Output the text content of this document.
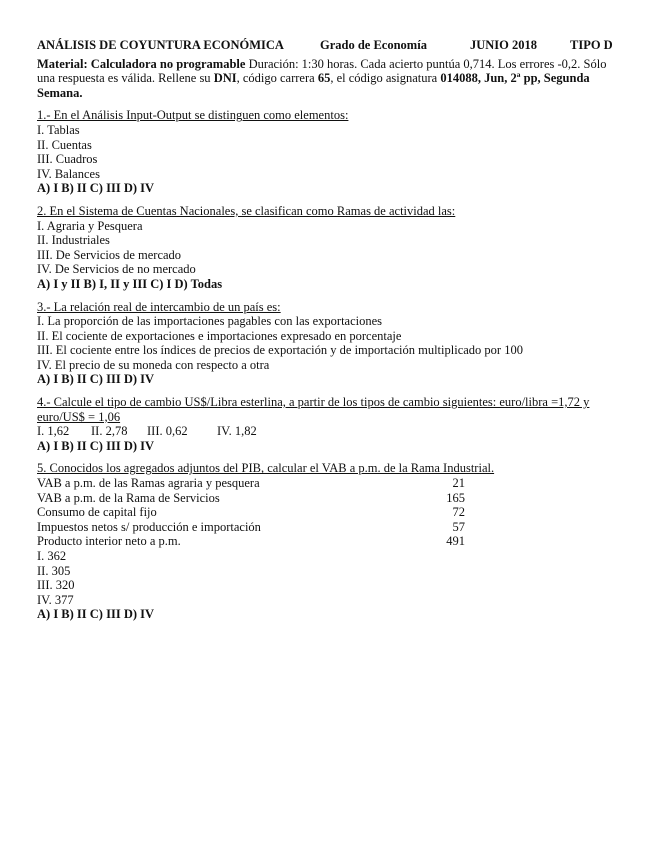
ANÁLISIS DE COYUNTURA ECONÓMICA	Grado de Economía	JUNIO 2018	TIPO D

Material: Calculadora no programable Duración: 1:30 horas. Cada acierto puntúa 0,714. Los errores -0,2. Sólo una respuesta es válida. Rellene su DNI, código carrera 65, el código asignatura 014088, Jun, 2ª pp, Segunda Semana.

1.- En el Análisis Input-Output se distinguen como elementos:
I. Tablas
II. Cuentas
III. Cuadros
IV. Balances
A) I B) II C) III D) IV
2. En el Sistema de Cuentas Nacionales, se clasifican como Ramas de actividad las:
I. Agraria y Pesquera
II. Industriales
III. De Servicios de mercado
IV. De Servicios de no mercado
A) I y II B) I, II y III C) I D) Todas
3.- La relación real de intercambio de un país es:
I. La proporción de las importaciones pagables con las exportaciones
II. El cociente de exportaciones e importaciones expresado en porcentaje
III. El cociente entre los índices de precios de exportación y de importación multiplicado por 100
IV. El precio de su moneda con respecto a otra
A) I B) II C) III D) IV
4.- Calcule el tipo de cambio US$/Libra esterlina, a partir de los tipos de cambio siguientes: euro/libra =1,72 y euro/US$ = 1,06
I. 1,62	II. 2,78	III. 0,62	IV. 1,82
A) I B) II C) III D) IV
5. Conocidos los agregados adjuntos del PIB, calcular el VAB a p.m. de la Rama Industrial.
VAB a p.m. de las Ramas agraria y pesquera	21
VAB a p.m. de la Rama de Servicios	165
Consumo de capital fijo	72
Impuestos netos s/ producción e importación	57
Producto interior neto a p.m.	491
I. 362
II. 305
III. 320
IV. 377
A) I B) II C) III D) IV
